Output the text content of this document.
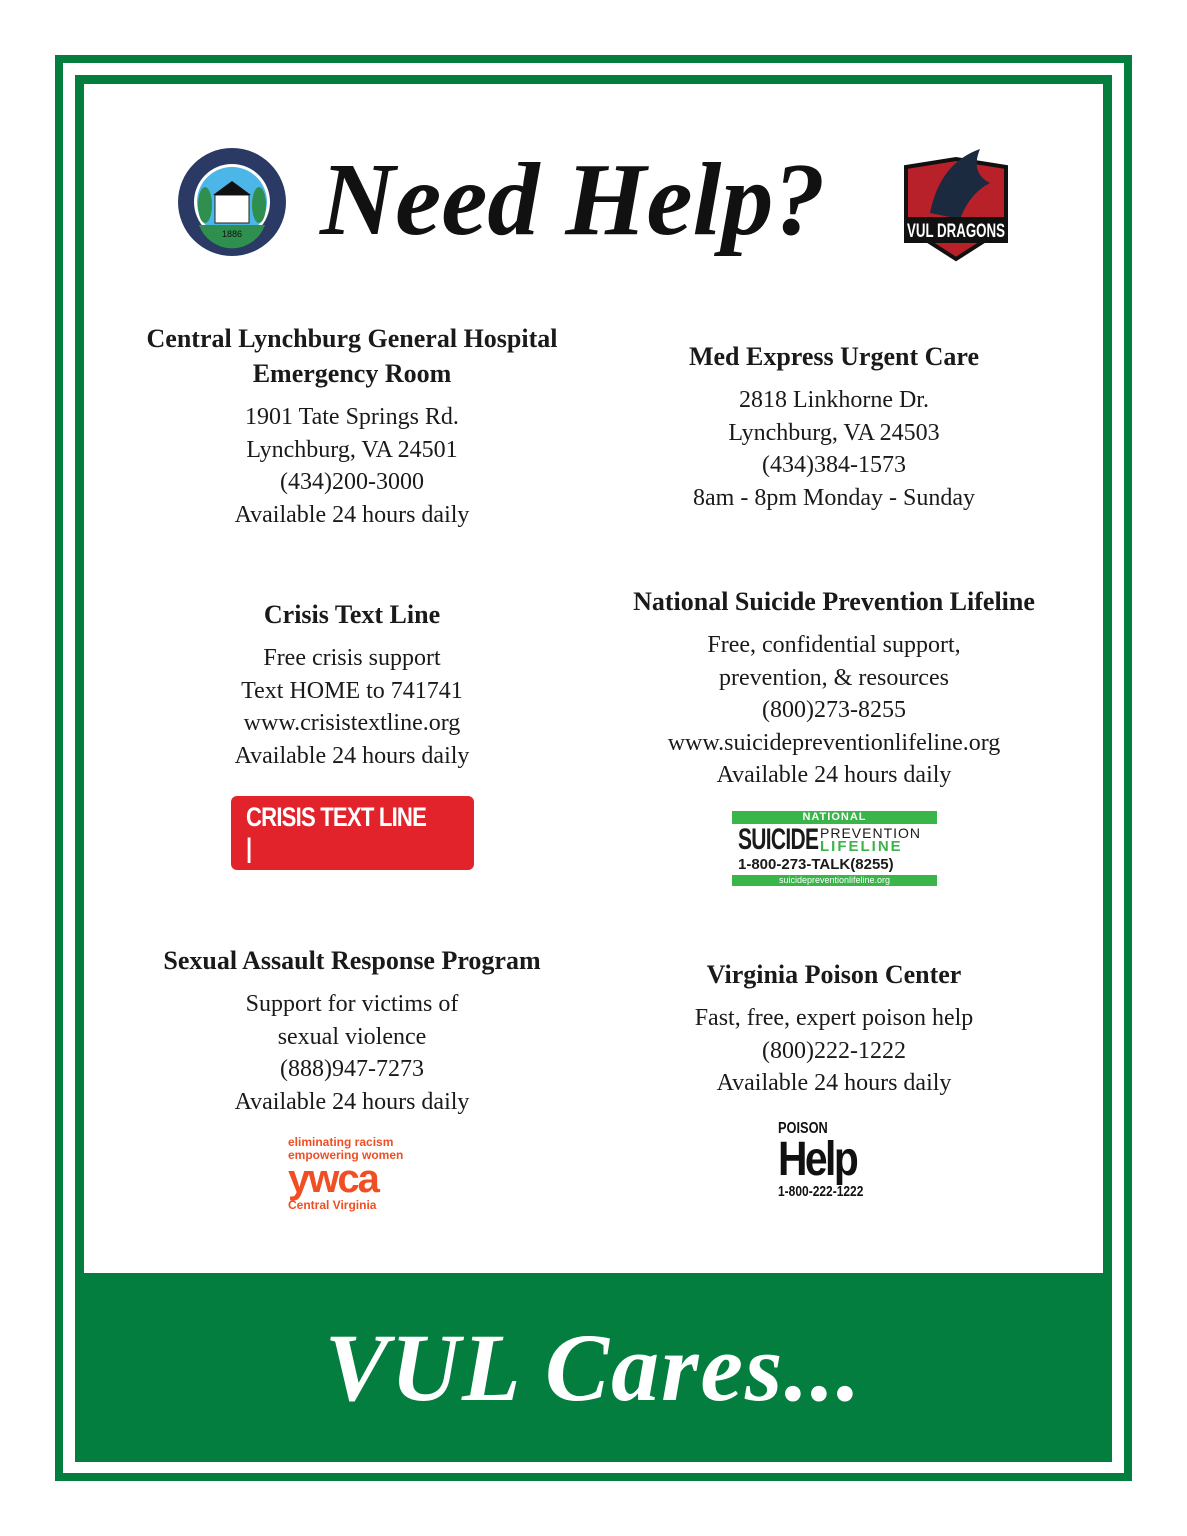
1886 Need Help?	VUL DRAGONS
Central Lynchburg General Hospital
Emergency Room

1901 Tate Springs Rd.

Lynchburg, VA 24501

(434)200-3000

Available 24 hours daily

Med Express Urgent Care

2818 Linkhorne Dr.

Lynchburg, VA 24503

(434)384-1573

8am - 8pm Monday - Sunday

Crisis Text Line

Free crisis support

Text HOME to 741741

www.crisistextline.org

Available 24 hours daily

CRISIS TEXT LINE |
National Suicide Prevention Lifeline

Free, confidential support,

prevention, & resources

(800)273-8255

www.suicidepreventionlifeline.org

Available 24 hours daily

NATIONAL
SUICIDE PREVENTION
LIFELINE
1-800-273-TALK(8255)
suicidepreventionlifeline.org
Sexual Assault Response Program

Support for victims of

sexual violence

(888)947-7273

Available 24 hours daily

eliminating racism
empowering women
ywca
Central Virginia
Virginia Poison Center

Fast, free, expert poison help

(800)222-1222

Available 24 hours daily

POISON
Help
1-800-222-1222
VUL Cares...
